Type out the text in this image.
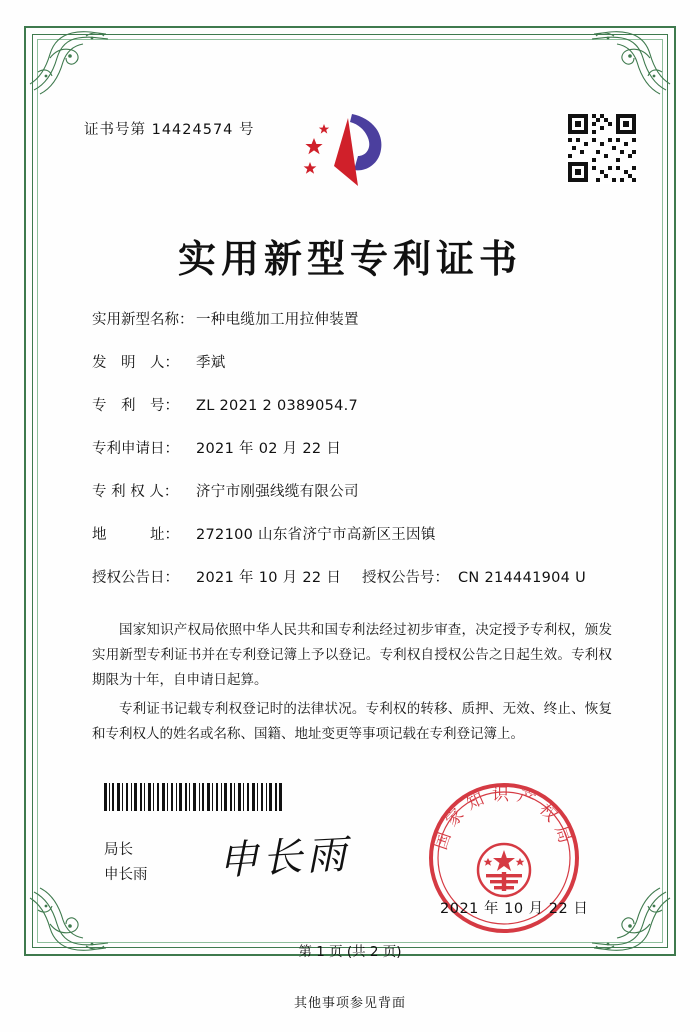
证书号第 14424574 号
实用新型专利证书
实用新型名称： 一种电缆加工用拉伸装置
发　明　人：	季斌
专　利　号：	ZL 2021 2 0389054.7
专利申请日：	2021 年 02 月 22 日
专 利 权 人：	济宁市刚强线缆有限公司
地　　　址：	272100 山东省济宁市高新区王因镇
授权公告日：	2021 年 10 月 22 日	授权公告号： CN 214441904 U

国家知识产权局依照中华人民共和国专利法经过初步审查，决定授予专利权，颁发实用新型专利证书并在专利登记簿上予以登记。专利权自授权公告之日起生效。专利权期限为十年，自申请日起算。

专利证书记载专利权登记时的法律状况。专利权的转移、质押、无效、终止、恢复和专利权人的姓名或名称、国籍、地址变更等事项记载在专利登记簿上。

局长
申长雨 申长雨	国家知识产权局
2021 年 10 月 22 日
第 1 页 (共 2 页)
其他事项参见背面
